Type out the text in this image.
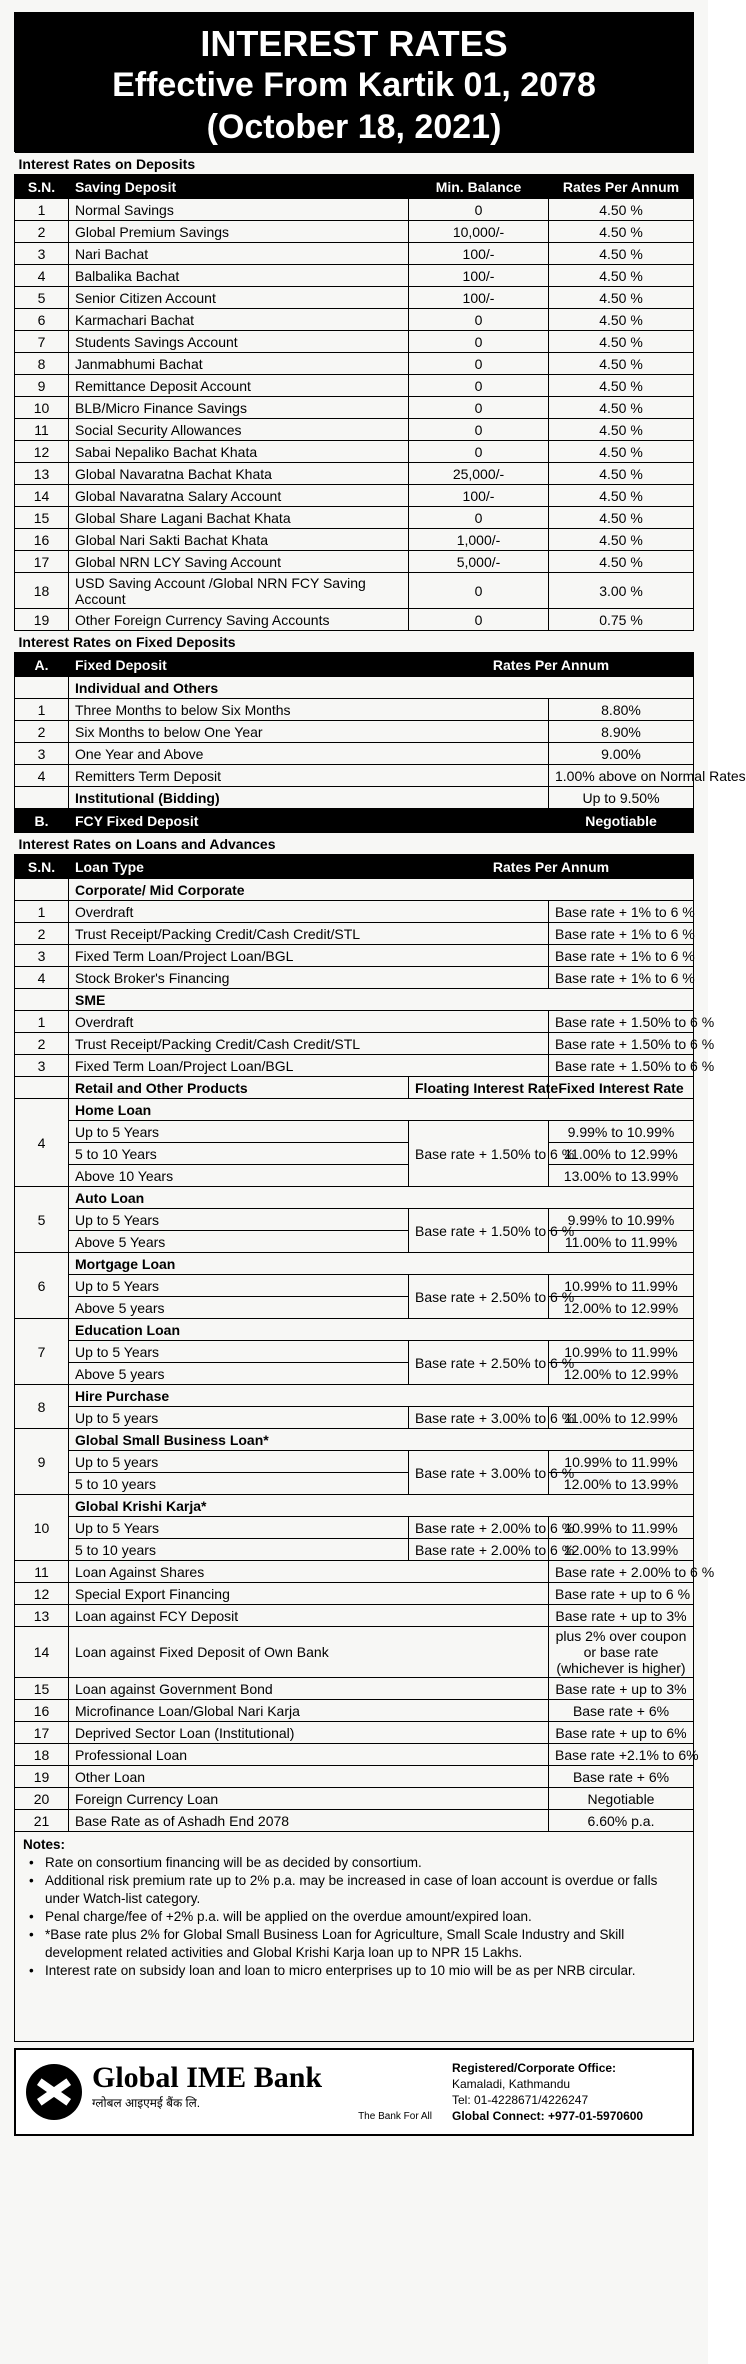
INTEREST RATES
Effective From Kartik 01, 2078
(October 18, 2021)
Interest Rates on Deposits			
S.N.	Saving Deposit	Min. Balance	Rates Per Annum
1	Normal Savings	0	4.50 %
2	Global Premium Savings	10,000/-	4.50 %
3	Nari Bachat	100/-	4.50 %
4	Balbalika Bachat	100/-	4.50 %
5	Senior Citizen Account	100/-	4.50 %
6	Karmachari Bachat	0	4.50 %
7	Students Savings Account	0	4.50 %
8	Janmabhumi Bachat	0	4.50 %
9	Remittance Deposit Account	0	4.50 %
10	BLB/Micro Finance Savings	0	4.50 %
11	Social Security Allowances	0	4.50 %
12	Sabai Nepaliko Bachat Khata	0	4.50 %
13	Global Navaratna Bachat Khata	25,000/-	4.50 %
14	Global Navaratna Salary Account	100/-	4.50 %
15	Global Share Lagani Bachat Khata	0	4.50 %
16	Global Nari Sakti Bachat Khata	1,000/-	4.50 %
17	Global NRN LCY Saving Account	5,000/-	4.50 %
18	USD Saving Account /Global NRN FCY Saving Account	0	3.00 %
19	Other Foreign Currency Saving Accounts	0	0.75 %
Interest Rates on Fixed Deposits			
A.	Fixed Deposit	Rates Per Annum	
	Individual and Others		
1	Three Months to below Six Months		8.80%
2	Six Months to below One Year		8.90%
3	One Year and Above		9.00%
4	Remitters Term Deposit		1.00% above on Normal Rates
	Institutional (Bidding)		Up to 9.50%
B.	FCY Fixed Deposit		Negotiable
Interest Rates on Loans and Advances			
S.N.	Loan Type	Rates Per Annum	
	Corporate/ Mid Corporate		
1	Overdraft		Base rate + 1% to 6 %
2	Trust Receipt/Packing Credit/Cash Credit/STL		Base rate + 1% to 6 %
3	Fixed Term Loan/Project Loan/BGL		Base rate + 1% to 6 %
4	Stock Broker's Financing		Base rate + 1% to 6 %
	SME		
1	Overdraft		Base rate + 1.50% to 6 %
2	Trust Receipt/Packing Credit/Cash Credit/STL		Base rate + 1.50% to 6 %
3	Fixed Term Loan/Project Loan/BGL		Base rate + 1.50% to 6 %
	Retail and Other Products	Floating Interest Rate	Fixed Interest Rate
4	Home Loan		
	Up to 5 Years	Base rate + 1.50% to 6 %	9.99% to 10.99%
	5 to 10 Years		11.00% to 12.99%
	Above 10 Years		13.00% to 13.99%
5	Auto Loan		
	Up to 5 Years	Base rate + 1.50% to 6 %	9.99% to 10.99%
	Above 5 Years		11.00% to 11.99%
6	Mortgage Loan		
	Up to 5 Years	Base rate + 2.50% to 6 %	10.99% to 11.99%
	Above 5 years		12.00% to 12.99%
7	Education Loan		
	Up to 5 Years	Base rate + 2.50% to 6 %	10.99% to 11.99%
	Above 5 years		12.00% to 12.99%
8	Hire Purchase		
	Up to 5 years	Base rate + 3.00% to 6 %	11.00% to 12.99%
9	Global Small Business Loan*		
	Up to 5 years	Base rate + 3.00% to 6 %	10.99% to 11.99%
	5 to 10 years		12.00% to 13.99%
10	Global Krishi Karja*		
	Up to 5 Years	Base rate + 2.00% to 6 %	10.99% to 11.99%
	5 to 10 years	Base rate + 2.00% to 6 %	12.00% to 13.99%
11	Loan Against Shares		Base rate + 2.00% to 6 %
12	Special Export Financing		Base rate + up to 6 %
13	Loan against FCY Deposit		Base rate + up to 3%
14	Loan against Fixed Deposit of Own Bank		plus 2% over coupon or base rate (whichever is higher)
15	Loan against Government Bond		Base rate + up to 3%
16	Microfinance Loan/Global Nari Karja		Base rate + 6%
17	Deprived Sector Loan (Institutional)		Base rate + up to 6%
18	Professional Loan		Base rate +2.1% to 6%
19	Other Loan		Base rate + 6%
20	Foreign Currency Loan		Negotiable
21	Base Rate as of Ashadh End 2078		6.60% p.a.
Notes:
• Rate on consortium financing will be as decided by consortium.
• Additional risk premium rate up to 2% p.a. may be increased in case of loan account is overdue or falls under Watch-list category.
• Penal charge/fee of +2% p.a. will be applied on the overdue amount/expired loan.
• *Base rate plus 2% for Global Small Business Loan for Agriculture, Small Scale Industry and Skill development related activities and Global Krishi Karja loan up to NPR 15 Lakhs.
• Interest rate on subsidy loan and loan to micro enterprises up to 10 mio will be as per NRB circular.
Global IME Bank
ग्लोबल आइएमई बैंक लि.
The Bank For All
Registered/Corporate Office:
Kamaladi, Kathmandu
Tel: 01-4228671/4226247
Global Connect: +977-01-5970600
